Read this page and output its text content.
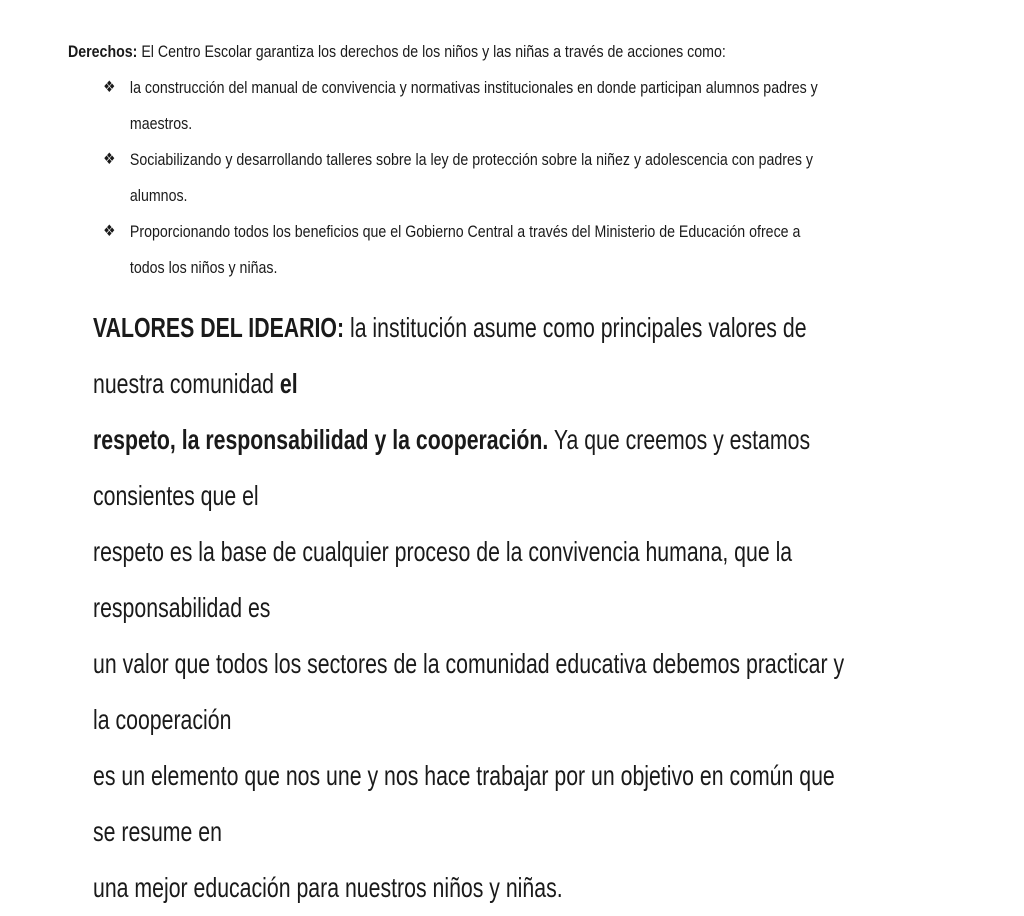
Derechos: El Centro Escolar garantiza los derechos de los niños y las niñas a través de acciones como:

❖ la construcción del manual de convivencia y normativas institucionales en donde participan alumnos padres y
maestros.
❖ Sociabilizando y desarrollando talleres sobre la ley de protección sobre la niñez y adolescencia con padres y
alumnos.
❖ Proporcionando todos los beneficios que el Gobierno Central a través del Ministerio de Educación ofrece a
todos los niños y niñas.

VALORES DEL IDEARIO: la institución asume como principales valores de nuestra comunidad el
respeto, la responsabilidad y la cooperación. Ya que creemos y estamos consientes que el
respeto es la base de cualquier proceso de la convivencia humana, que la responsabilidad es
un valor que todos los sectores de la comunidad educativa debemos practicar y la cooperación
es un elemento que nos une y nos hace trabajar por un objetivo en común que se resume en
una mejor educación para nuestros niños y niñas.
